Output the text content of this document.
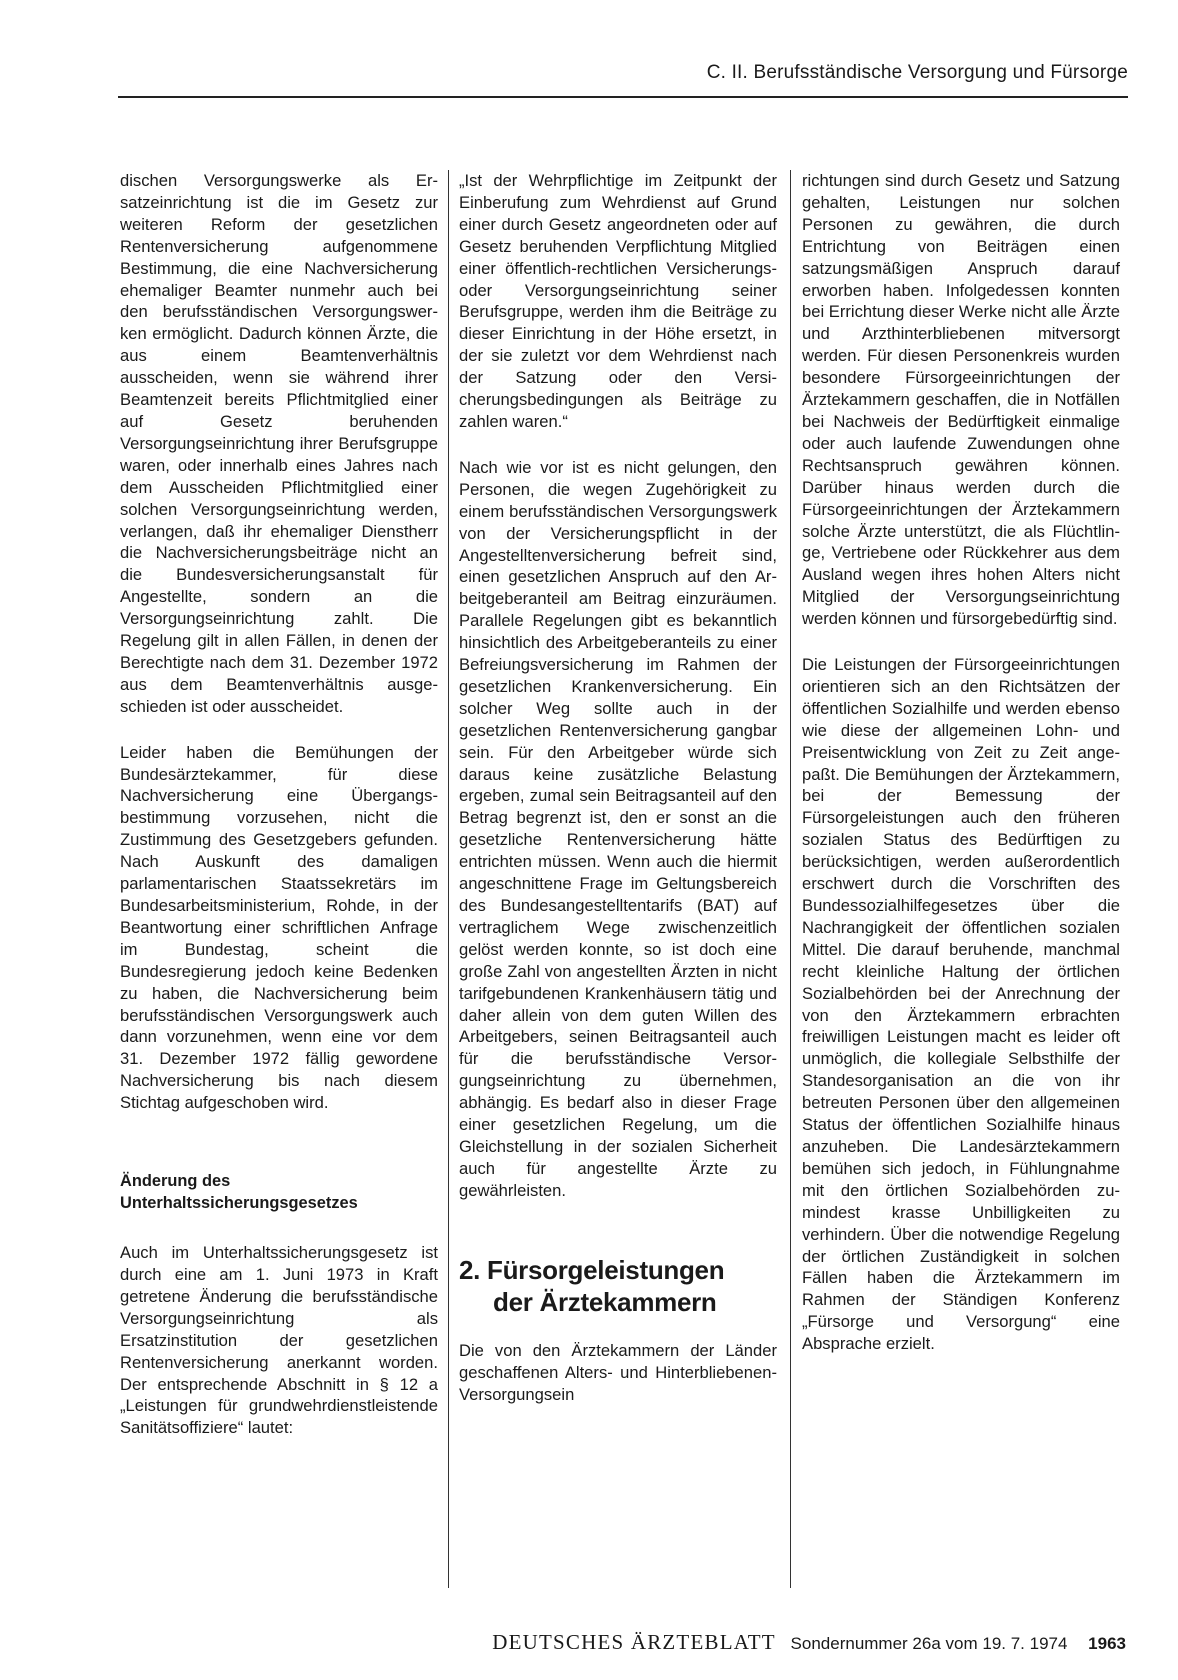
C. II. Berufsständische Versorgung und Fürsorge

dischen Versorgungswerke als Ersatzeinrichtung ist die im Gesetz zur weiteren Reform der gesetzlichen Rentenversicherung aufgenommene Bestimmung, die eine Nachversicherung ehemaliger Beamter nunmehr auch bei den berufsständischen Versorgungswerken ermöglicht. Dadurch können Ärzte, die aus einem Beamtenverhältnis ausscheiden, wenn sie während ihrer Beamtenzeit bereits Pflichtmitglied einer auf Gesetz beruhenden Versorgungseinrichtung ihrer Berufsgruppe waren, oder innerhalb eines Jahres nach dem Ausscheiden Pflichtmitglied einer solchen Versorgungseinrichtung werden, verlangen, daß ihr ehemaliger Dienstherr die Nachversicherungsbeiträge nicht an die Bundesversicherungsanstalt für Angestellte, sondern an die Versorgungseinrichtung zahlt. Die Regelung gilt in allen Fällen, in denen der Berechtigte nach dem 31. Dezember 1972 aus dem Beamtenverhältnis ausgeschieden ist oder ausscheidet.

Leider haben die Bemühungen der Bundesärztekammer, für diese Nachversicherung eine Übergangsbestimmung vorzusehen, nicht die Zustimmung des Gesetzgebers gefunden. Nach Auskunft des damaligen parlamentarischen Staatssekretärs im Bundesarbeitsministerium, Rohde, in der Beantwortung einer schriftlichen Anfrage im Bundestag, scheint die Bundesregierung jedoch keine Bedenken zu haben, die Nachversicherung beim berufsständischen Versorgungswerk auch dann vorzunehmen, wenn eine vor dem 31. Dezember 1972 fällig gewordene Nachversicherung bis nach diesem Stichtag aufgeschoben wird.

Änderung des
Unterhaltssicherungsgesetzes

Auch im Unterhaltssicherungsgesetz ist durch eine am 1. Juni 1973 in Kraft getretene Änderung die berufsständische Versorgungseinrichtung als Ersatzinstitution der gesetzlichen Rentenversicherung anerkannt worden. Der entsprechende Abschnitt in § 12 a „Leistungen für grundwehrdienstleistende Sanitätsoffiziere“ lautet:

„Ist der Wehrpflichtige im Zeitpunkt der Einberufung zum Wehrdienst auf Grund einer durch Gesetz angeordneten oder auf Gesetz beruhenden Verpflichtung Mitglied einer öffentlich-rechtlichen Versicherungs- oder Versorgungseinrichtung seiner Berufsgruppe, werden ihm die Beiträge zu dieser Einrichtung in der Höhe ersetzt, in der sie zuletzt vor dem Wehrdienst nach der Satzung oder den Versicherungsbedingungen als Beiträge zu zahlen waren.“

Nach wie vor ist es nicht gelungen, den Personen, die wegen Zugehörigkeit zu einem berufsständischen Versorgungswerk von der Versicherungspflicht in der Angestelltenversicherung befreit sind, einen gesetzlichen Anspruch auf den Arbeitgeberanteil am Beitrag einzuräumen. Parallele Regelungen gibt es bekanntlich hinsichtlich des Arbeitgeberanteils zu einer Befreiungsversicherung im Rahmen der gesetzlichen Krankenversicherung. Ein solcher Weg sollte auch in der gesetzlichen Rentenversicherung gangbar sein. Für den Arbeitgeber würde sich daraus keine zusätzliche Belastung ergeben, zumal sein Beitragsanteil auf den Betrag begrenzt ist, den er sonst an die gesetzliche Rentenversicherung hätte entrichten müssen. Wenn auch die hiermit angeschnittene Frage im Geltungsbereich des Bundesangestelltentarifs (BAT) auf vertraglichem Wege zwischenzeitlich gelöst werden konnte, so ist doch eine große Zahl von angestellten Ärzten in nicht tarifgebundenen Krankenhäusern tätig und daher allein von dem guten Willen des Arbeitgebers, seinen Beitragsanteil auch für die berufsständische Versorgungseinrichtung zu übernehmen, abhängig. Es bedarf also in dieser Frage einer gesetzlichen Regelung, um die Gleichstellung in der sozialen Sicherheit auch für angestellte Ärzte zu gewährleisten.

2. Fürsorgeleistungen
der Ärztekammern

Die von den Ärztekammern der Länder geschaffenen Alters- und Hinterbliebenen-Versorgungsein

richtungen sind durch Gesetz und Satzung gehalten, Leistungen nur solchen Personen zu gewähren, die durch Entrichtung von Beiträgen einen satzungsmäßigen Anspruch darauf erworben haben. Infolgedessen konnten bei Errichtung dieser Werke nicht alle Ärzte und Arzthinterbliebenen mitversorgt werden. Für diesen Personenkreis wurden besondere Fürsorgeeinrichtungen der Ärztekammern geschaffen, die in Notfällen bei Nachweis der Bedürftigkeit einmalige oder auch laufende Zuwendungen ohne Rechtsanspruch gewähren können. Darüber hinaus werden durch die Fürsorgeeinrichtungen der Ärztekammern solche Ärzte unterstützt, die als Flüchtlinge, Vertriebene oder Rückkehrer aus dem Ausland wegen ihres hohen Alters nicht Mitglied der Versorgungseinrichtung werden können und fürsorgebedürftig sind.

Die Leistungen der Fürsorgeeinrichtungen orientieren sich an den Richtsätzen der öffentlichen Sozialhilfe und werden ebenso wie diese der allgemeinen Lohn- und Preisentwicklung von Zeit zu Zeit angepaßt. Die Bemühungen der Ärztekammern, bei der Bemessung der Fürsorgeleistungen auch den früheren sozialen Status des Bedürftigen zu berücksichtigen, werden außerordentlich erschwert durch die Vorschriften des Bundessozialhilfegesetzes über die Nachrangigkeit der öffentlichen sozialen Mittel. Die darauf beruhende, manchmal recht kleinliche Haltung der örtlichen Sozialbehörden bei der Anrechnung der von den Ärztekammern erbrachten freiwilligen Leistungen macht es leider oft unmöglich, die kollegiale Selbsthilfe der Standesorganisation an die von ihr betreuten Personen über den allgemeinen Status der öffentlichen Sozialhilfe hinaus anzuheben. Die Landesärztekammern bemühen sich jedoch, in Fühlungnahme mit den örtlichen Sozialbehörden zumindest krasse Unbilligkeiten zu verhindern. Über die notwendige Regelung der örtlichen Zuständigkeit in solchen Fällen haben die Ärztekammern im Rahmen der Ständigen Konferenz „Fürsorge und Versorgung“ eine Absprache erzielt.

DEUTSCHES ÄRZTEBLATT Sondernummer 26a vom 19. 7. 1974 1963
